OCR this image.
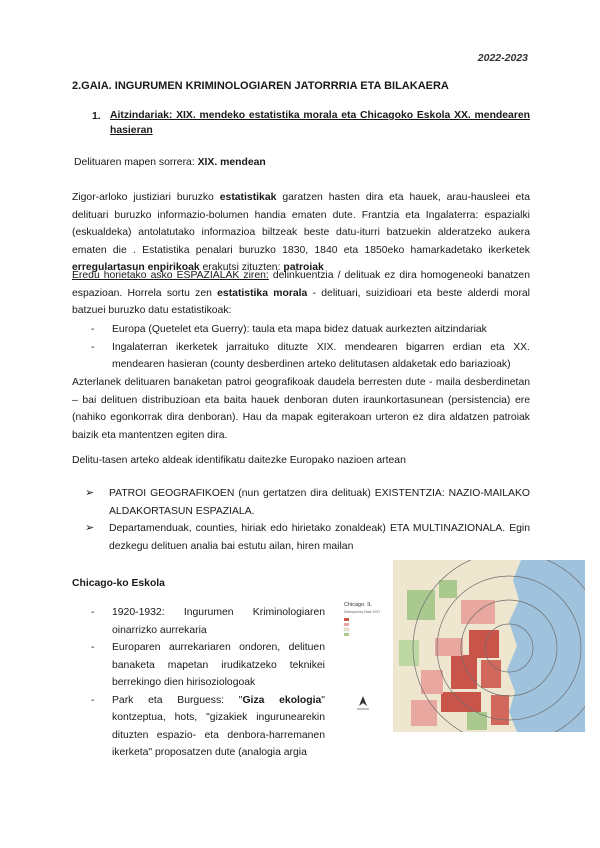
2022-2023
2.GAIA. INGURUMEN KRIMINOLOGIAREN JATORRRIA ETA BILAKAERA
1. Aitzindariak: XIX. mendeko estatistika morala eta Chicagoko Eskola XX. mendearen hasieran
Delituaren mapen sorrera: XIX. mendean
Zigor-arloko justiziari buruzko estatistikak garatzen hasten dira eta hauek, arau-hausleei eta delituari buruzko informazio-bolumen handia ematen dute. Frantzia eta Ingalaterra: espazialki (eskualdeka) antolatutako informazioa biltzeak beste datu-iturri batzuekin alderatzeko aukera ematen die . Estatistika penalari buruzko 1830, 1840 eta 1850eko hamarkadetako ikerketek erregulartasun enpirikoak erakutsi zituzten: patroiak
Eredu horietako asko ESPAZIALAK ziren: delinkuentzia / delituak ez dira homogeneoki banatzen espazioan. Horrela sortu zen estatistika morala - delituari, suizidioari eta beste alderdi moral batzuei buruzko datu estatistikoak:
- Europa (Quetelet eta Guerry): taula eta mapa bidez datuak aurkezten aitzindariak
- Ingalaterran ikerketek jarraituko dituzte XIX. mendearen bigarren erdian eta XX. mendearen hasieran (county desberdinen arteko delitutasen aldaketak edo bariazioak)
Azterlanek delituaren banaketan patroi geografikoak daudela berresten dute - maila desberdinetan – bai delituen distribuzioan eta baita hauek denboran duten iraunkortasunean (persistencia) ere (nahiko egonkorrak dira denboran). Hau da mapak egiterakoan urteron ez dira aldatzen patroiak baizik eta mantentzen egiten dira.
Delitu-tasen arteko aldeak identifikatu daitezke Europako nazioen artean
➢ PATROI GEOGRAFIKOEN (nun gertatzen dira delituak) EXISTENTZIA: NAZIO-MAILAKO ALDAKORTASUN ESPAZIALA.
➢ Departamenduak, counties, hiriak edo hirietako zonaldeak) ETA MULTINAZIONALA. Egin dezkegu delituen analia bai estutu ailan, hiren mailan
Chicago-ko Eskola
- 1920-1932: Ingurumen Kriminologiaren oinarrizko aurrekaria
- Europaren aurrekariaren ondoren, delituen banaketa mapetan irudikatzeko teknikei berrekingo dien hirisoziologoak
- Park eta Burguess: "Giza ekologia" kontzeptua, hots, "gizakiek ingurunearekin dituzten espazio- eta denbora-harremanen ikerketa" proposatzen dute (analogia argia
Chicago. IL
Delinquency Rate 1927
